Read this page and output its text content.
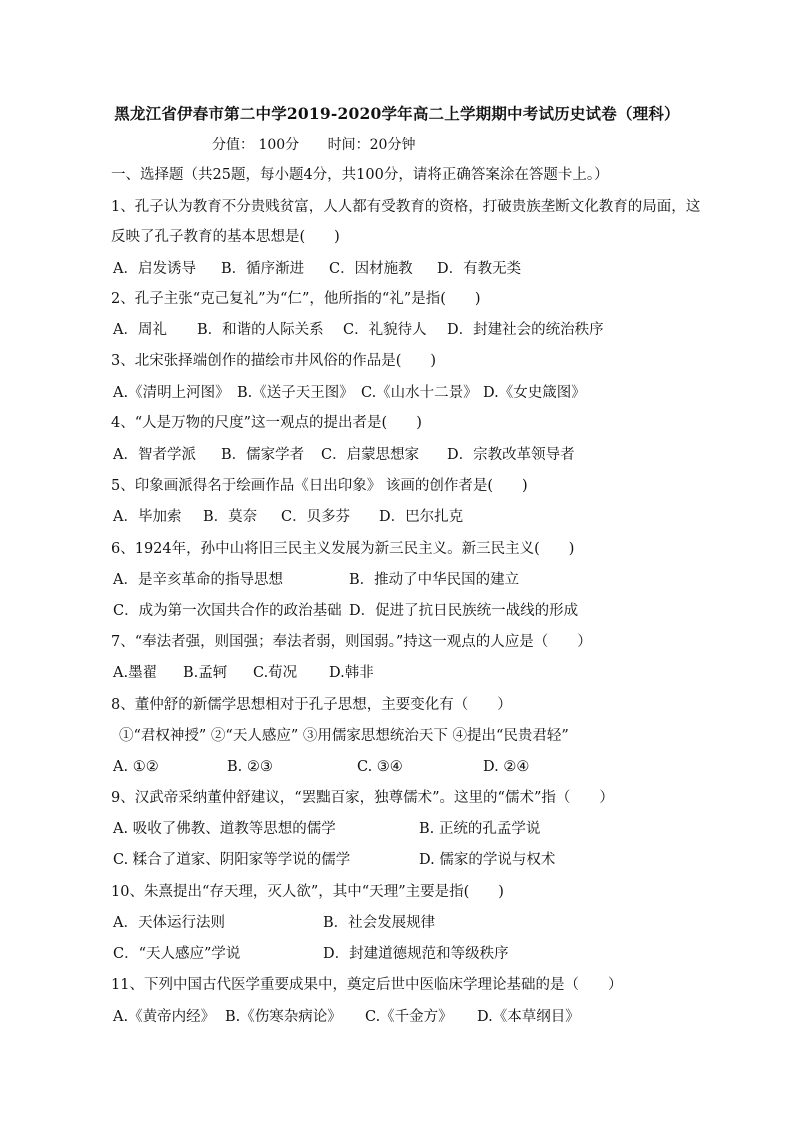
黑龙江省伊春市第二中学2019-2020学年高二上学期期中考试历史试卷（理科）
分值： 100分 时间：20分钟
一、选择题（共25题，每小题4分，共100分，请将正确答案涂在答题卡上。）
1、孔子认为教育不分贵贱贫富，人人都有受教育的资格，打破贵族垄断文化教育的局面，这
反映了孔子教育的基本思想是(　　)
A．启发诱导 B．循序渐进 C．因材施教 D．有教无类
2、孔子主张“克己复礼”为“仁”，他所指的“礼”是指(　　)
A．周礼 B．和谐的人际关系 C．礼貌待人 D．封建社会的统治秩序
3、北宋张择端创作的描绘市井风俗的作品是(　　)
A.《清明上河图》 B.《送子天王图》 C.《山水十二景》 D.《女史箴图》
4、“人是万物的尺度”这一观点的提出者是(　　)
A．智者学派 B．儒家学者 C．启蒙思想家 D．宗教改革领导者
5、印象画派得名于绘画作品《日出印象》 该画的创作者是(　　)
A．毕加索 B．莫奈 C．贝多芬 D．巴尔扎克
6、1924年，孙中山将旧三民主义发展为新三民主义。新三民主义(　　)
A．是辛亥革命的指导思想	B．推动了中华民国的建立
C．成为第一次国共合作的政治基础 D．促进了抗日民族统一战线的形成
7、“奉法者强，则国强；奉法者弱，则国弱。”持这一观点的人应是（　　）
A.墨翟 B.孟轲 C.荀况 D.韩非
8、董仲舒的新儒学思想相对于孔子思想，主要变化有（　　）
①“君权神授” ②“天人感应” ③用儒家思想统治天下 ④提出“民贵君轻”
A. ①②	B. ②③	C. ③④	D. ②④
9、汉武帝采纳董仲舒建议，“罢黜百家，独尊儒术”。这里的“儒术”指（　　）
A. 吸收了佛教、道教等思想的儒学	B. 正统的孔孟学说
C. 糅合了道家、阴阳家等学说的儒学	D. 儒家的学说与权术
10、朱熹提出“存天理，灭人欲”，其中“天理”主要是指(　　)
A．天体运行法则	B．社会发展规律
C．“天人感应”学说	D．封建道德规范和等级秩序
11、下列中国古代医学重要成果中，奠定后世中医临床学理论基础的是（　　）
A.《黄帝内经》 B.《伤寒杂病论》 C.《千金方》 D.《本草纲目》
